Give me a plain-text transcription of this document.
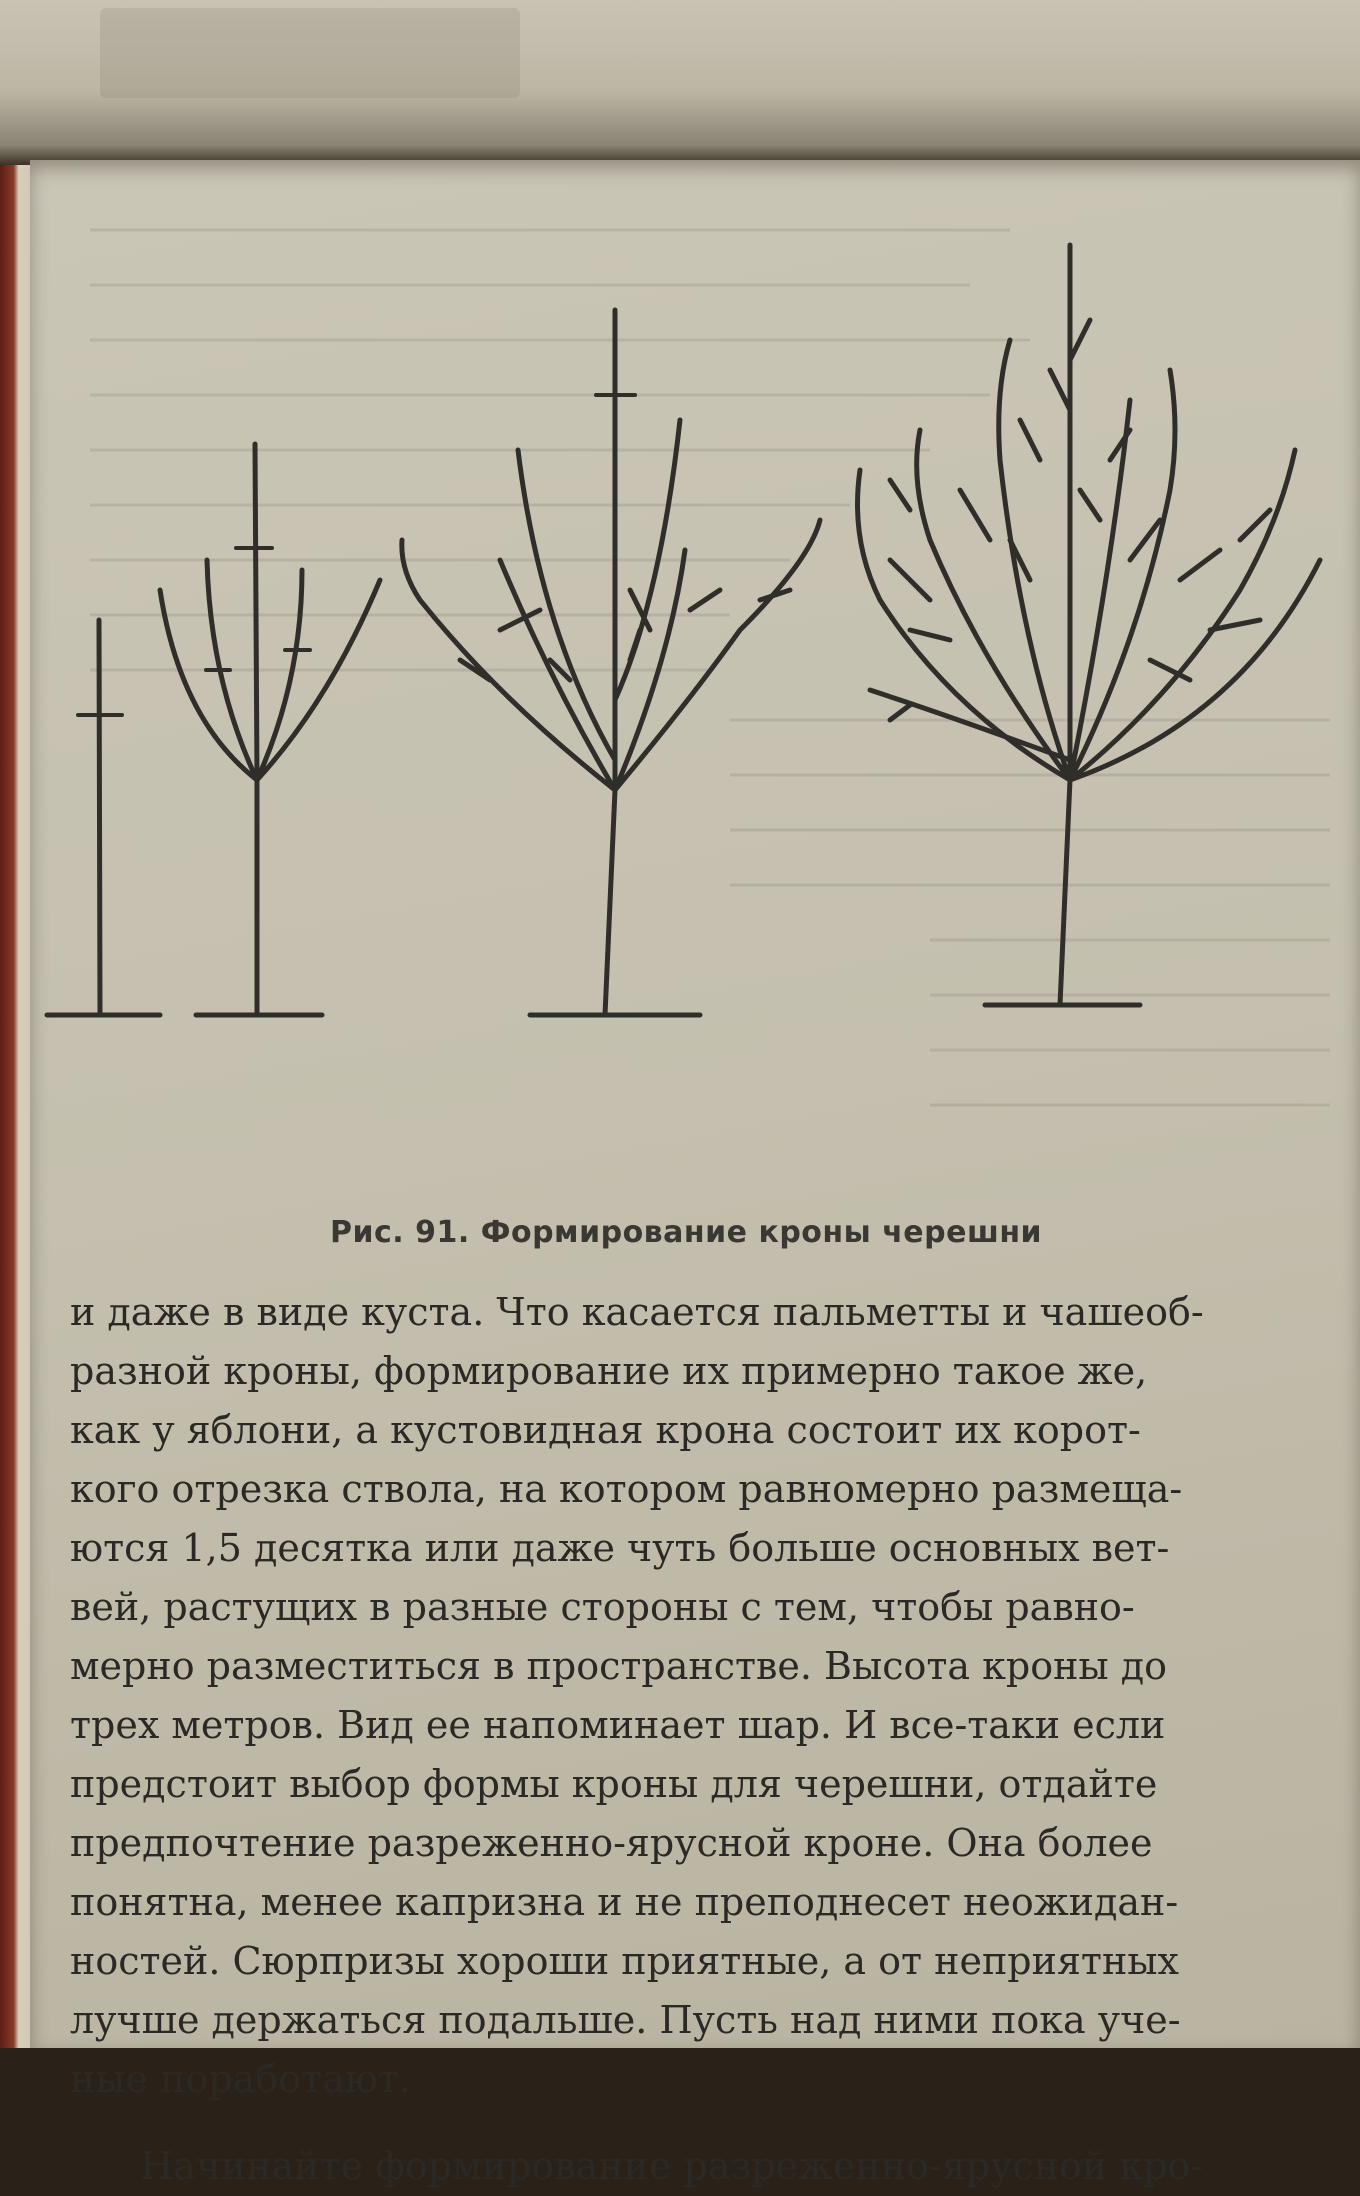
Рис. 91. Формирование кроны черешни
и даже в виде куста. Что касается пальметты и чашеоб-
разной кроны, формирование их примерно такое же,
как у яблони, а кустовидная крона состоит их корот-
кого отрезка ствола, на котором равномерно размеща-
ются 1,5 десятка или даже чуть больше основных вет-
вей, растущих в разные стороны с тем, чтобы равно-
мерно разместиться в пространстве. Высота кроны до
трех метров. Вид ее напоминает шар. И все-таки если
предстоит выбор формы кроны для черешни, отдайте
предпочтение разреженно-ярусной кроне. Она более
понятна, менее капризна и не преподнесет неожидан-
ностей. Сюрпризы хороши приятные, а от неприятных
лучше держаться подальше. Пусть над ними пока уче-
ные поработают.
Начинайте формирование разреженно-ярусной кро-
